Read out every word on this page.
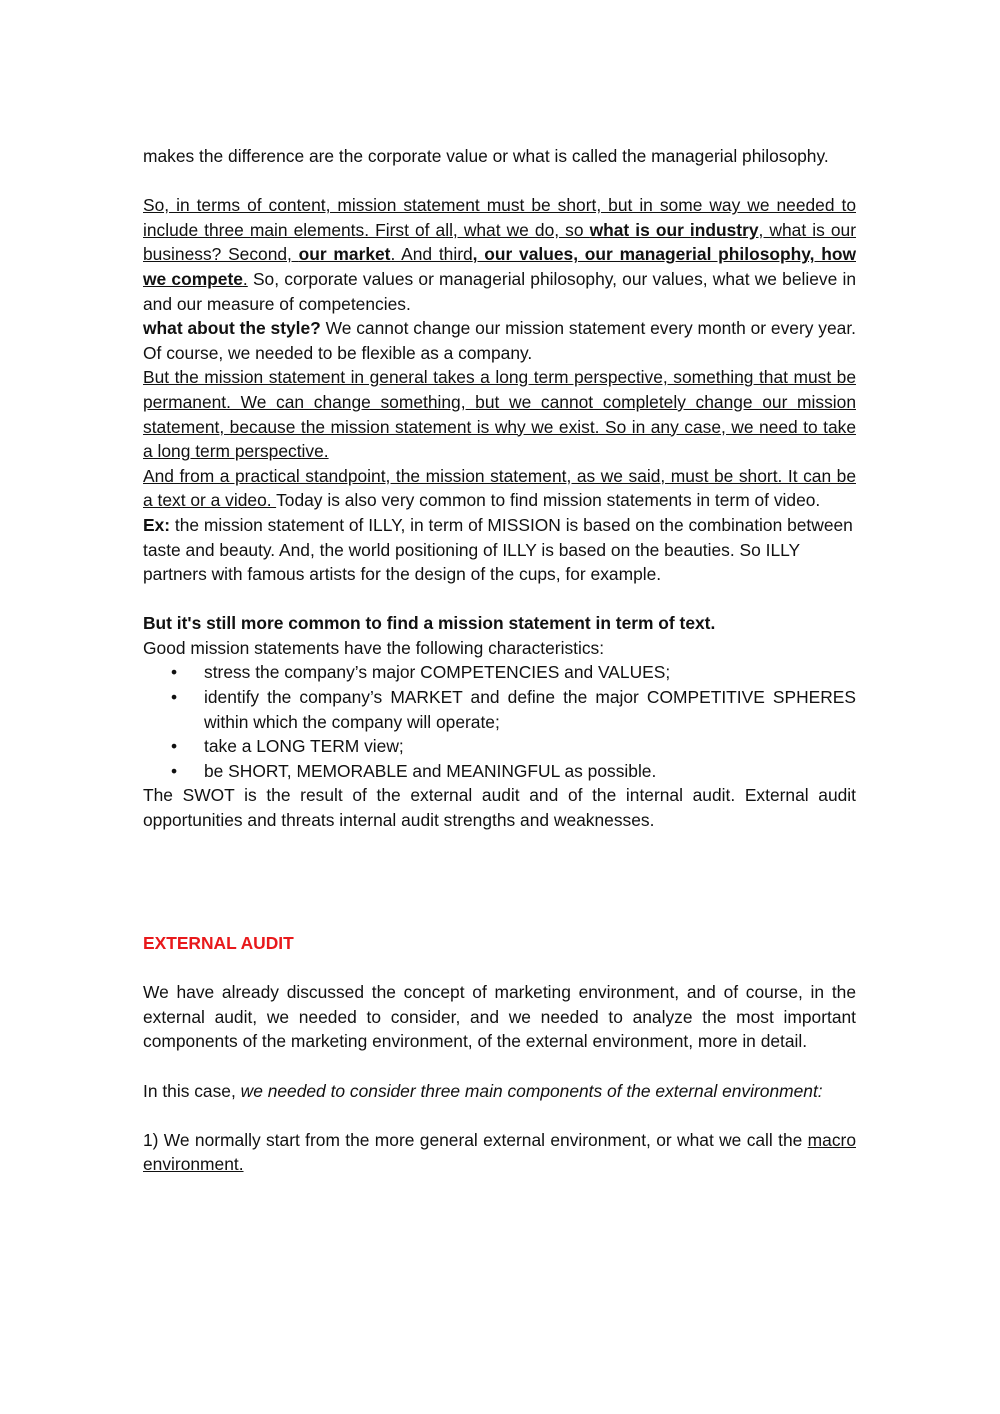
makes the difference are the corporate value or what is called the managerial philosophy.

So, in terms of content, mission statement must be short, but in some way we needed to include three main elements. First of all, what we do, so what is our industry, what is our business? Second, our market. And third, our values, our managerial philosophy, how we compete. So, corporate values or managerial philosophy, our values, what we believe in and our measure of competencies.

what about the style? We cannot change our mission statement every month or every year. Of course, we needed to be flexible as a company.

But the mission statement in general takes a long term perspective, something that must be permanent. We can change something, but we cannot completely change our mission statement, because the mission statement is why we exist. So in any case, we need to take a long term perspective.

And from a practical standpoint, the mission statement, as we said, must be short. It can be a text or a video. Today is also very common to find mission statements in term of video.

Ex: the mission statement of ILLY, in term of MISSION is based on the combination between taste and beauty. And, the world positioning of ILLY is based on the beauties. So ILLY partners with famous artists for the design of the cups, for example.

But it's still more common to find a mission statement in term of text.

Good mission statements have the following characteristics:

• stress the company’s major COMPETENCIES and VALUES;
• identify the company’s MARKET and define the major COMPETITIVE SPHERES within which the company will operate;
• take a LONG TERM view;
• be SHORT, MEMORABLE and MEANINGFUL as possible.

The SWOT is the result of the external audit and of the internal audit. External audit opportunities and threats internal audit strengths and weaknesses.

EXTERNAL AUDIT

We have already discussed the concept of marketing environment, and of course, in the external audit, we needed to consider, and we needed to analyze the most important components of the marketing environment, of the external environment, more in detail.

In this case, we needed to consider three main components of the external environment:

1) We normally start from the more general external environment, or what we call the macro environment.
